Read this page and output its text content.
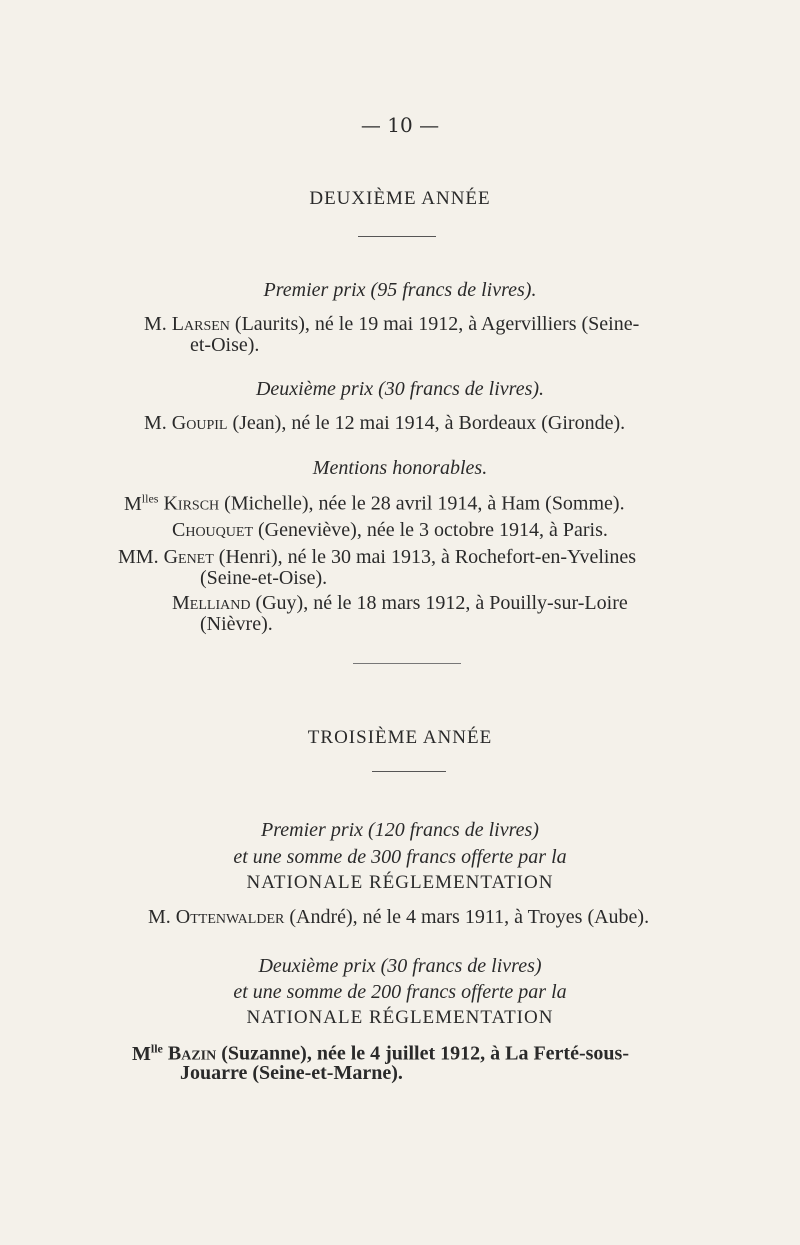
— 10 —
DEUXIÈME ANNÉE
Premier prix (95 francs de livres).
M. Larsen (Laurits), né le 19 mai 1912, à Agervilliers (Seine-
et-Oise).
Deuxième prix (30 francs de livres).
M. Goupil (Jean), né le 12 mai 1914, à Bordeaux (Gironde).
Mentions honorables.
$M^{lles}$ Kirsch (Michelle), née le 28 avril 1914, à Ham (Somme).
Chouquet (Geneviève), née le 3 octobre 1914, à Paris.
MM. Genet (Henri), né le 30 mai 1913, à Rochefort-en-Yvelines
(Seine-et-Oise).
Melliand (Guy), né le 18 mars 1912, à Pouilly-sur-Loire
(Nièvre).
TROISIÈME ANNÉE
Premier prix (120 francs de livres)
et une somme de 300 francs offerte par la
NATIONALE RÉGLEMENTATION
M. Ottenwalder (André), né le 4 mars 1911, à Troyes (Aube).
Deuxième prix (30 francs de livres)
et une somme de 200 francs offerte par la
NATIONALE RÉGLEMENTATION
$M^{lle}$ Bazin (Suzanne), née le 4 juillet 1912, à La Ferté-sous-
Jouarre (Seine-et-Marne).
